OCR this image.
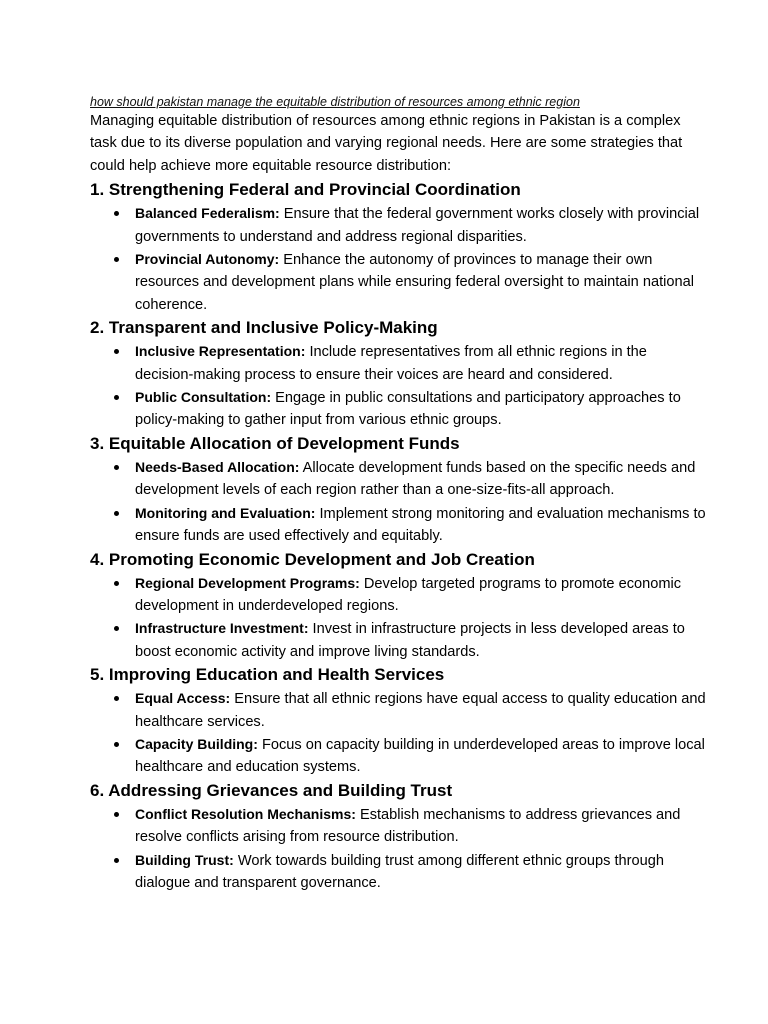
how should pakistan manage the equitable distribution of resources among ethnic region

Managing equitable distribution of resources among ethnic regions in Pakistan is a complex task due to its diverse population and varying regional needs. Here are some strategies that could help achieve more equitable resource distribution:

1. Strengthening Federal and Provincial Coordination
Balanced Federalism: Ensure that the federal government works closely with provincial governments to understand and address regional disparities.
Provincial Autonomy: Enhance the autonomy of provinces to manage their own resources and development plans while ensuring federal oversight to maintain national coherence.
2. Transparent and Inclusive Policy-Making
Inclusive Representation: Include representatives from all ethnic regions in the decision-making process to ensure their voices are heard and considered.
Public Consultation: Engage in public consultations and participatory approaches to policy-making to gather input from various ethnic groups.
3. Equitable Allocation of Development Funds
Needs-Based Allocation: Allocate development funds based on the specific needs and development levels of each region rather than a one-size-fits-all approach.
Monitoring and Evaluation: Implement strong monitoring and evaluation mechanisms to ensure funds are used effectively and equitably.
4. Promoting Economic Development and Job Creation
Regional Development Programs: Develop targeted programs to promote economic development in underdeveloped regions.
Infrastructure Investment: Invest in infrastructure projects in less developed areas to boost economic activity and improve living standards.
5. Improving Education and Health Services
Equal Access: Ensure that all ethnic regions have equal access to quality education and healthcare services.
Capacity Building: Focus on capacity building in underdeveloped areas to improve local healthcare and education systems.
6. Addressing Grievances and Building Trust
Conflict Resolution Mechanisms: Establish mechanisms to address grievances and resolve conflicts arising from resource distribution.
Building Trust: Work towards building trust among different ethnic groups through dialogue and transparent governance.
